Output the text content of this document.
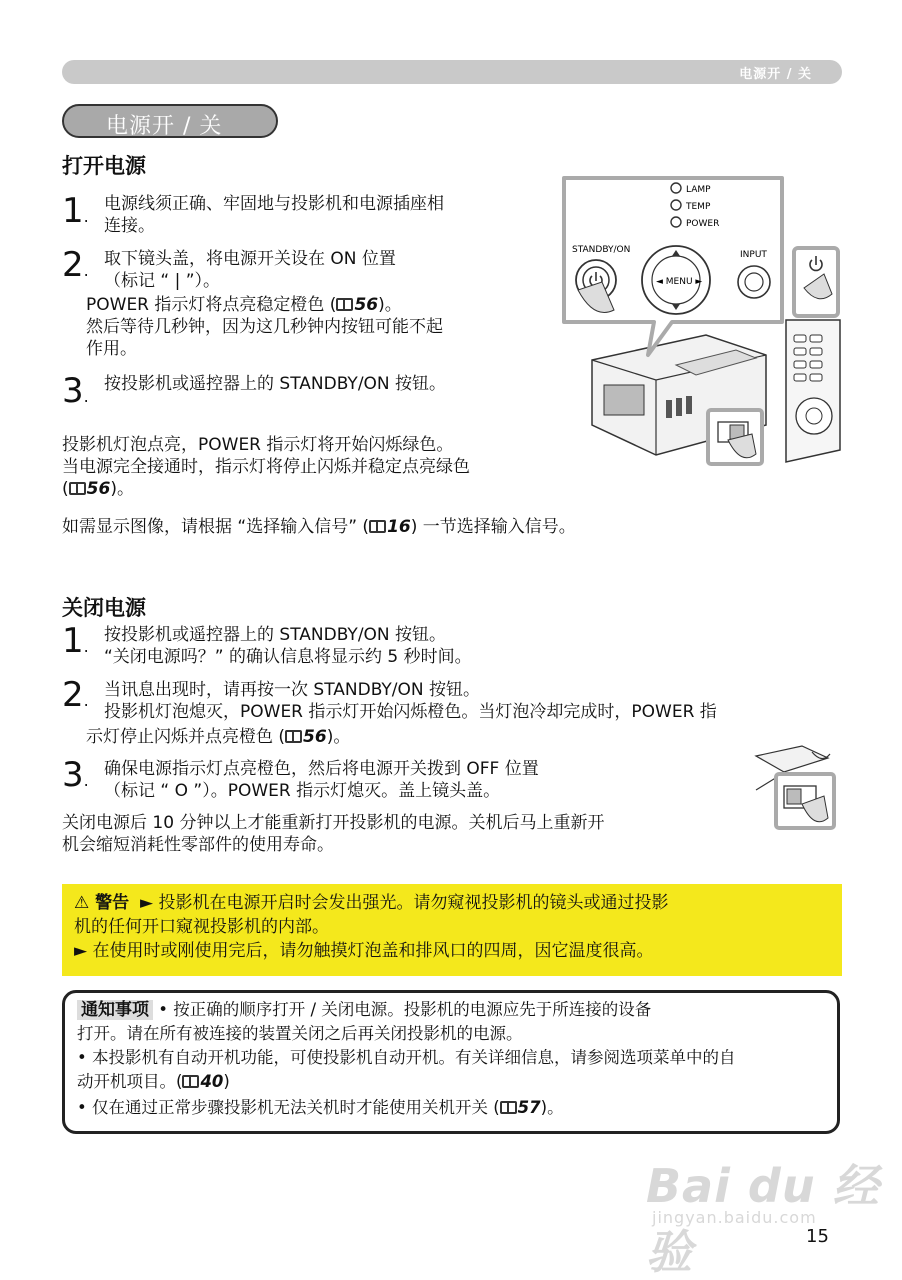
电源开 / 关
电源开 / 关
打开电源
1 . 电源线须正确、牢固地与投影机和电源插座相
连接。
2 . 取下镜头盖，将电源开关设在 ON 位置
（标记 “ | ”）。
POWER 指示灯将点亮稳定橙色 ( 56)。
然后等待几秒钟，因为这几秒钟内按钮可能不起
作用。
3 . 按投影机或遥控器上的 STANDBY/ON 按钮。
投影机灯泡点亮，POWER 指示灯将开始闪烁绿色。
当电源完全接通时，指示灯将停止闪烁并稳定点亮绿色
( 56)。
如需显示图像，请根据 “选择输入信号” ( 16) 一节选择输入信号。
LAMP
TEMP
POWER
STANDBY/ON
◄ MENU ►
INPUT
关闭电源
1 . 按投影机或遥控器上的 STANDBY/ON 按钮。
“关闭电源吗？” 的确认信息将显示约 5 秒时间。
2 . 当讯息出现时，请再按一次 STANDBY/ON 按钮。
投影机灯泡熄灭，POWER 指示灯开始闪烁橙色。当灯泡冷却完成时，POWER 指
示灯停止闪烁并点亮橙色 ( 56)。
3 . 确保电源指示灯点亮橙色，然后将电源开关拨到 OFF 位置
（标记 “ O ”）。POWER 指示灯熄灭。盖上镜头盖。
关闭电源后 10 分钟以上才能重新打开投影机的电源。关机后马上重新开
机会缩短消耗性零部件的使用寿命。
⚠ 警告 ► 投影机在电源开启时会发出强光。请勿窥视投影机的镜头或通过投影
机的任何开口窥视投影机的内部。
► 在使用时或刚使用完后，请勿触摸灯泡盖和排风口的四周，因它温度很高。
通知事项 • 按正确的顺序打开 / 关闭电源。投影机的电源应先于所连接的设备
打开。请在所有被连接的装置关闭之后再关闭投影机的电源。
• 本投影机有自动开机功能，可使投影机自动开机。有关详细信息，请参阅选项菜单中的自
动开机项目。( 40)
• 仅在通过正常步骤投影机无法关机时才能使用关机开关 ( 57)。
Bai du 经验
jingyan.baidu.com
15
